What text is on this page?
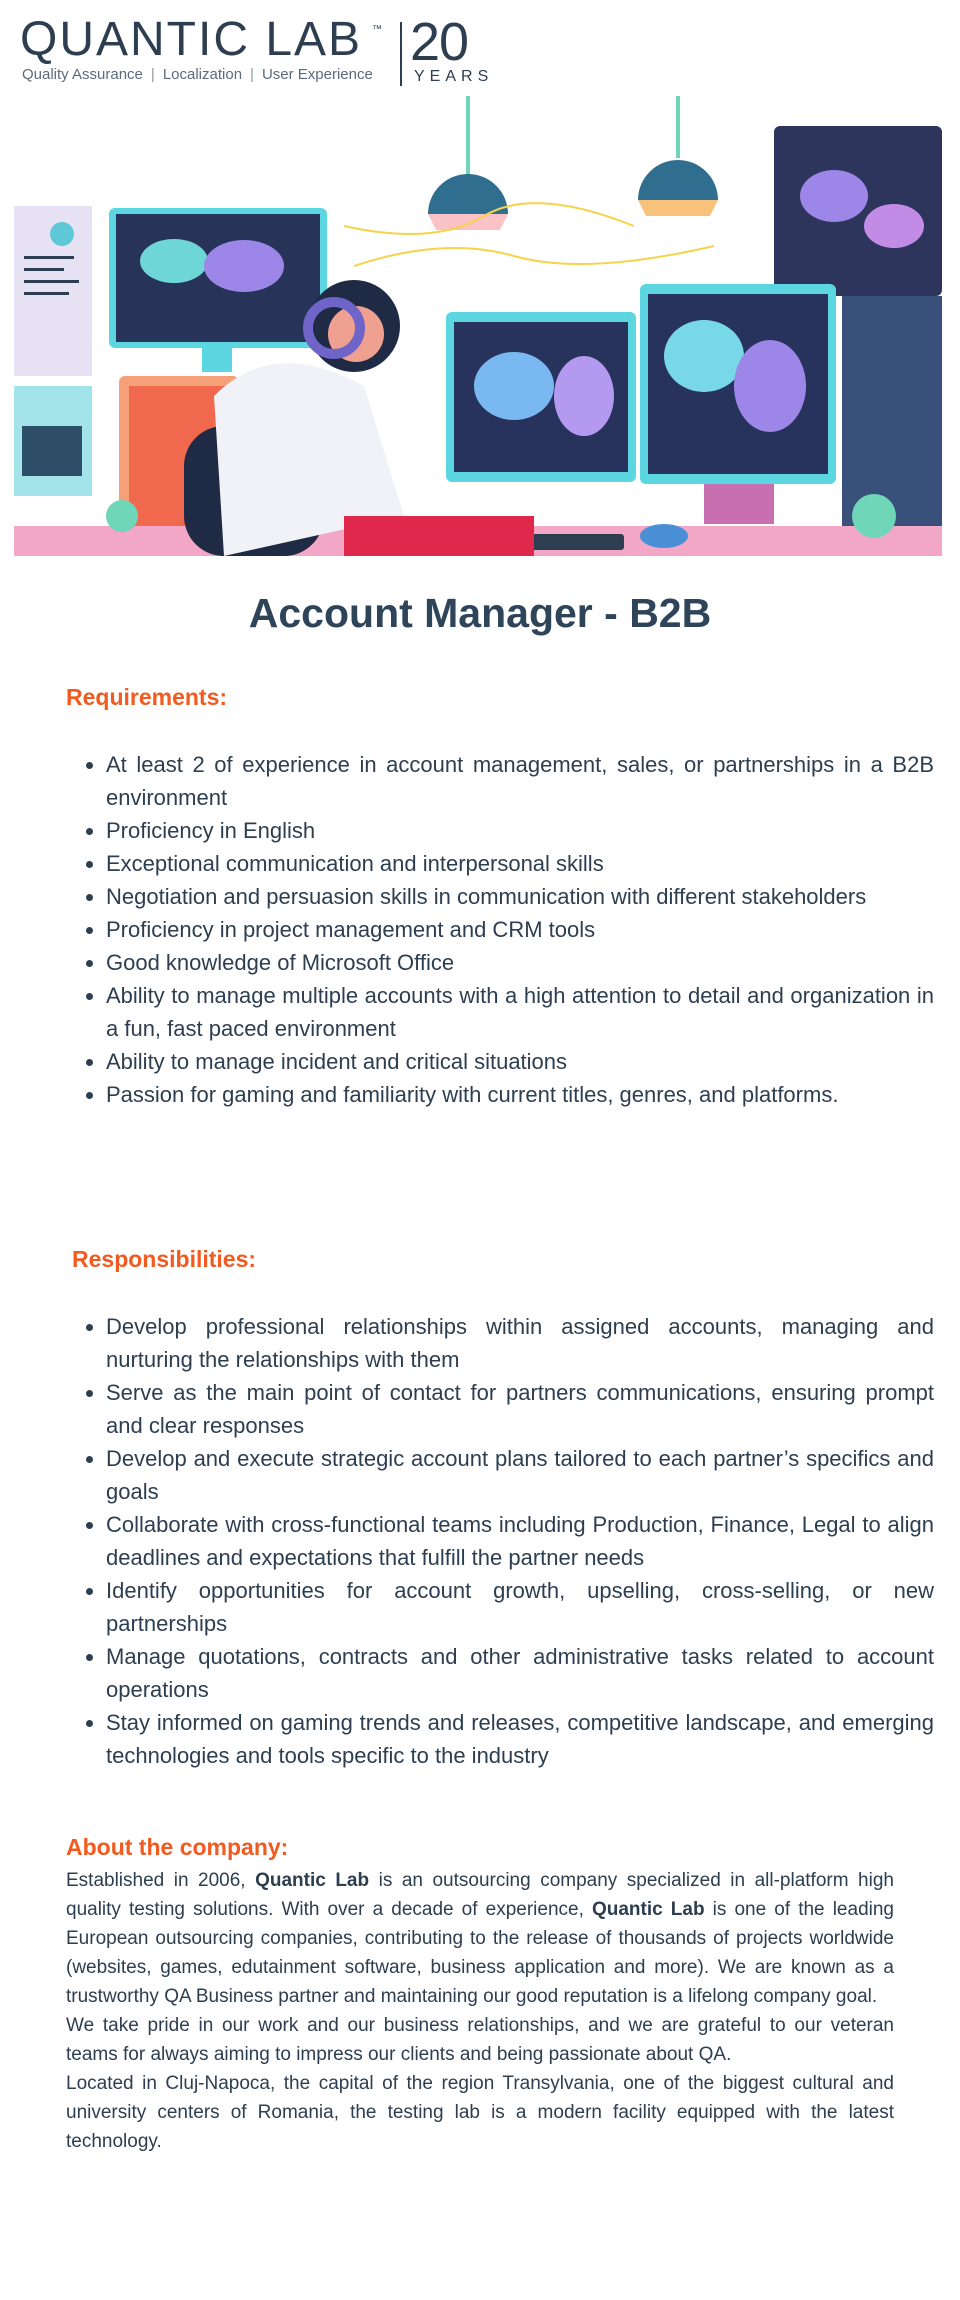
QUANTIC LAB ™
Quality Assurance | Localization | User Experience
20
YEARS
Account Manager - B2B
Requirements:
• At least 2 of experience in account management, sales, or partnerships in a B2B environment
• Proficiency in English
• Exceptional communication and interpersonal skills
• Negotiation and persuasion skills in communication with different stakeholders
• Proficiency in project management and CRM tools
• Good knowledge of Microsoft Office
• Ability to manage multiple accounts with a high attention to detail and organization in a fun, fast paced environment
• Ability to manage incident and critical situations
• Passion for gaming and familiarity with current titles, genres, and platforms.
Responsibilities:
• Develop professional relationships within assigned accounts, managing and nurturing the relationships with them
• Serve as the main point of contact for partners communications, ensuring prompt and clear responses
• Develop and execute strategic account plans tailored to each partner’s specifics and goals
• Collaborate with cross-functional teams including Production, Finance, Legal to align deadlines and expectations that fulfill the partner needs
• Identify opportunities for account growth, upselling, cross-selling, or new partnerships
• Manage quotations, contracts and other administrative tasks related to account operations
• Stay informed on gaming trends and releases, competitive landscape, and emerging technologies and tools specific to the industry
About the company:

Established in 2006, Quantic Lab is an outsourcing company specialized in all-platform high quality testing solutions. With over a decade of experience, Quantic Lab is one of the leading European outsourcing companies, contributing to the release of thousands of projects worldwide (websites, games, edutainment software, business application and more). We are known as a trustworthy QA Business partner and maintaining our good reputation is a lifelong company goal.

We take pride in our work and our business relationships, and we are grateful to our veteran teams for always aiming to impress our clients and being passionate about QA.

Located in Cluj-Napoca, the capital of the region Transylvania, one of the biggest cultural and university centers of Romania, the testing lab is a modern facility equipped with the latest technology.
